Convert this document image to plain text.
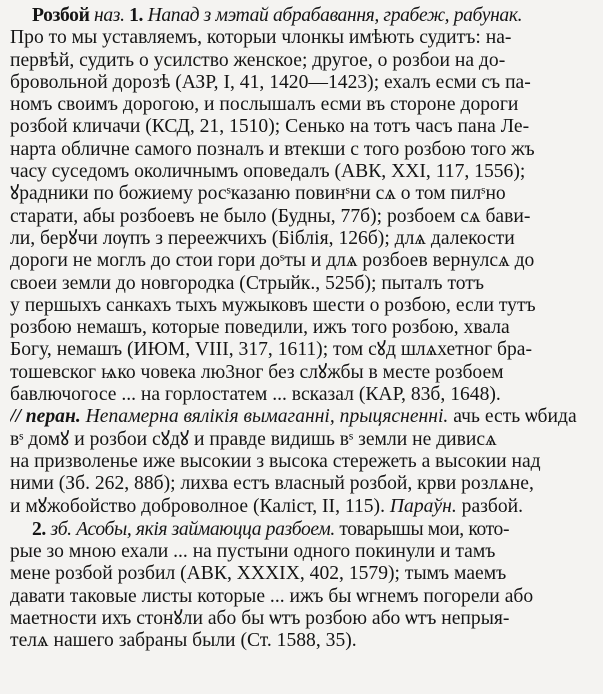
Розбой наз. 1. Напад з мэтай абрабавання, грабеж, рабунак.
Про то мы уставляемъ, которыи члонкы имѣють судитъ: на-
первѣй, судить о усилство женское; другое, о розбои на до-
бровольной дорозѣ (АЗР, I, 41, 1420—1423); ехалъ есми съ па-
номъ своимъ дорогою, и послышалъ есми въ стороне дороги
розбой кличачи (КСД, 21, 1510); Сенько на тотъ часъ пана Ле-
нарта обличне самого позналъ и втекши с того розбою того жъ
часу суседомъ околичнымъ оповедалъ (АВК, XXI, 117, 1556);
ꙋрадники по божиему росˢказаню повинˢни сѧ о том пилˢно
старати, абы розбоевъ не было (Будны, 77б); розбоем сѧ бави-
ли, берꙋчи лѹпъ з переежчихъ (Біблія, 126б); длѧ далекости
дороги не моглъ до стои гори доˢты и длѧ розбоев вернулсѧ до
своеи земли до новгородка (Стрыйк., 525б); пыталъ тотъ
у першыхъ санкахъ тыхъ мужыковъ шести о розбою, если тутъ
розбою немашъ, которые поведили, ижъ того розбою, хвала
Богу, немашъ (ИЮМ, VIII, 317, 1611); том сꙋд шлѧхетног бра-
тошевског ѩко човека лю3ног без слꙋжбы в месте розбоем
бавлючогосе ... на горлостатем ... всказал (КАР, 83б, 1648).
// перан. Непамерна вялікія вымаганні, прыцясненні. ачь есть ѡбида
вˢ домꙋ и розбои сꙋдꙋ и правде видишь вˢ земли не дивисѧ
на призволенье иже высокии з высока стережеть а высокии над
ними (Зб. 262, 88б); лихва естъ власный розбой, крви розлѧне,
и мꙋжобойство доброволное (Калiст, II, 115). Параўн. разбой.
2. зб. Асобы, якія займаюцца разбоем. товарышы мои, кото-
рые зо мною ехали ... на пустыни одного покинули и тамъ
мене розбой розбил (АВК, XXXIX, 402, 1579); тымъ маемъ
давати таковые листы которые ... ижъ бы ѡгнемъ погорели або
маетности ихъ стонꙋли або бы ѡтъ розбою або ѡтъ непрыя-
телѧ нашего забраны были (Ст. 1588, 35).
